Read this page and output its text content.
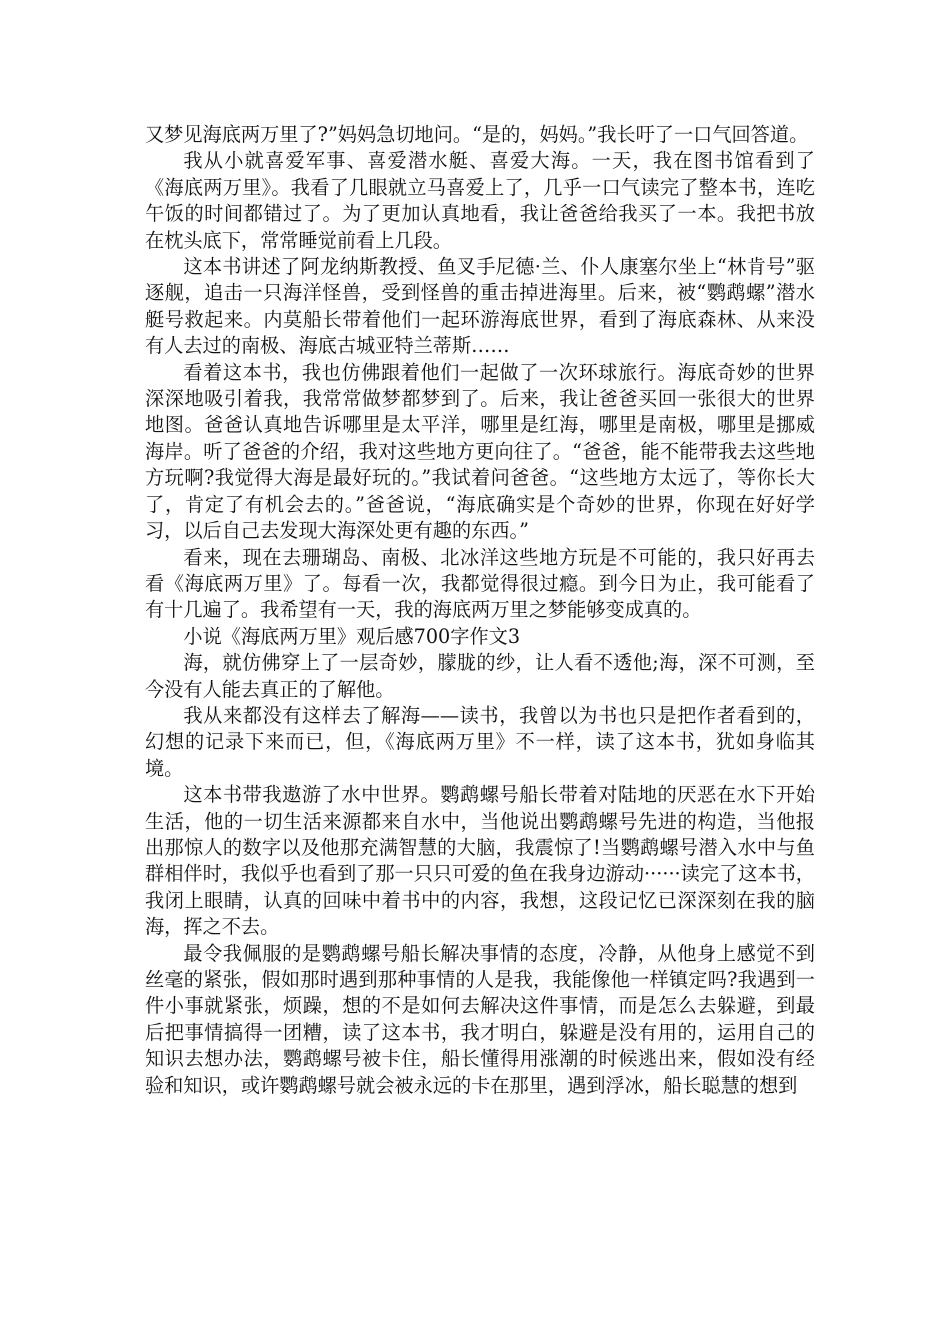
又梦见海底两万里了?”妈妈急切地问。“是的，妈妈。”我长吁了一口气回答道。

我从小就喜爱军事、喜爱潜水艇、喜爱大海。一天，我在图书馆看到了《海底两万里》。我看了几眼就立马喜爱上了，几乎一口气读完了整本书，连吃午饭的时间都错过了。为了更加认真地看，我让爸爸给我买了一本。我把书放在枕头底下，常常睡觉前看上几段。

这本书讲述了阿龙纳斯教授、鱼叉手尼德·兰、仆人康塞尔坐上“林肯号”驱逐舰，追击一只海洋怪兽，受到怪兽的重击掉进海里。后来，被“鹦鹉螺”潜水艇号救起来。内莫船长带着他们一起环游海底世界，看到了海底森林、从来没有人去过的南极、海底古城亚特兰蒂斯……

看着这本书，我也仿佛跟着他们一起做了一次环球旅行。海底奇妙的世界深深地吸引着我，我常常做梦都梦到了。后来，我让爸爸买回一张很大的世界地图。爸爸认真地告诉哪里是太平洋，哪里是红海，哪里是南极，哪里是挪威海岸。听了爸爸的介绍，我对这些地方更向往了。“爸爸，能不能带我去这些地方玩啊?我觉得大海是最好玩的。”我试着问爸爸。“这些地方太远了，等你长大了，肯定了有机会去的。”爸爸说，“海底确实是个奇妙的世界，你现在好好学习，以后自己去发现大海深处更有趣的东西。”

看来，现在去珊瑚岛、南极、北冰洋这些地方玩是不可能的，我只好再去看《海底两万里》了。每看一次，我都觉得很过瘾。到今日为止，我可能看了有十几遍了。我希望有一天，我的海底两万里之梦能够变成真的。

小说《海底两万里》观后感700字作文3

海，就仿佛穿上了一层奇妙，朦胧的纱，让人看不透他;海，深不可测，至今没有人能去真正的了解他。

我从来都没有这样去了解海——读书，我曾以为书也只是把作者看到的，幻想的记录下来而已，但，《海底两万里》不一样，读了这本书，犹如身临其境。

这本书带我遨游了水中世界。鹦鹉螺号船长带着对陆地的厌恶在水下开始生活，他的一切生活来源都来自水中，当他说出鹦鹉螺号先进的构造，当他报出那惊人的数字以及他那充满智慧的大脑，我震惊了!当鹦鹉螺号潜入水中与鱼群相伴时，我似乎也看到了那一只只可爱的鱼在我身边游动······读完了这本书，我闭上眼睛，认真的回味中着书中的内容，我想，这段记忆已深深刻在我的脑海，挥之不去。

最令我佩服的是鹦鹉螺号船长解决事情的态度，冷静，从他身上感觉不到丝毫的紧张，假如那时遇到那种事情的人是我，我能像他一样镇定吗?我遇到一件小事就紧张，烦躁，想的不是如何去解决这件事情，而是怎么去躲避，到最后把事情搞得一团糟，读了这本书，我才明白，躲避是没有用的，运用自己的知识去想办法，鹦鹉螺号被卡住，船长懂得用涨潮的时候逃出来，假如没有经验和知识，或许鹦鹉螺号就会被永远的卡在那里，遇到浮冰，船长聪慧的想到
